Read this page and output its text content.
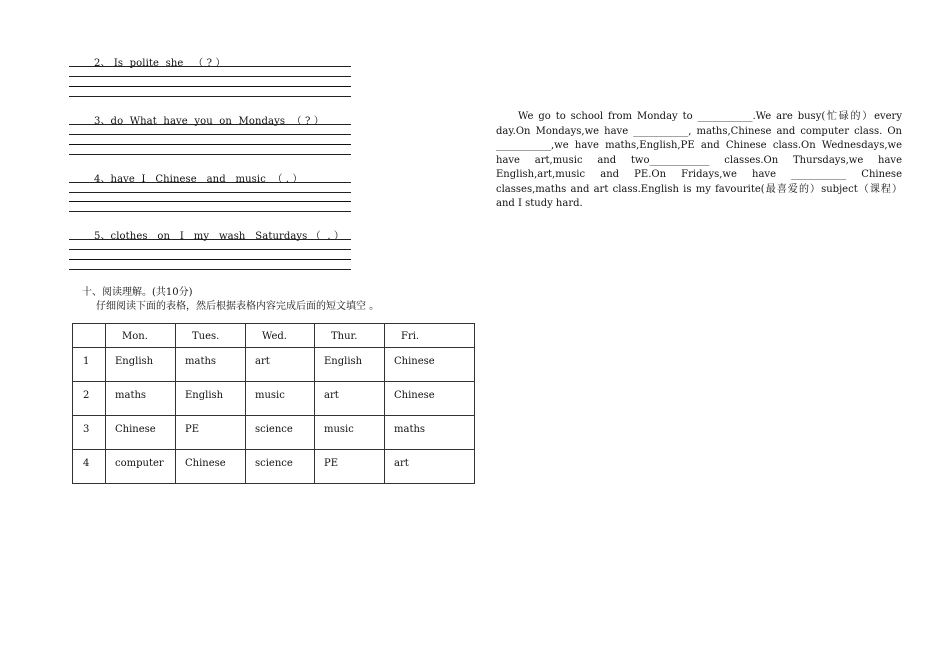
2、 Is  polite  she   （ ? ）
3、do  What  have  you  on  Mondays  （ ? ）
4、have  I   Chinese   and   music  （ . ）
5、clothes   on   I   my   wash   Saturdays （  . ）
十、阅读理解。(共10分)
仔细阅读下面的表格，然后根据表格内容完成后面的短文填空 。
	Mon.	Tues.	Wed.	Thur.	Fri.
1	English	maths	art	English	Chinese
2	maths	English	music	art	Chinese
3	Chinese	PE	science	music	maths
4	computer	Chinese	science	PE	art
We go to school from Monday to ___________.We are busy(忙碌的）every day.On Mondays,we have ___________, maths,Chinese and computer class. On ___________,we have maths,English,PE and Chinese class.On Wednesdays,we have art,music and two____________ classes.On Thursdays,we have English,art,music and PE.On Fridays,we have ___________ Chinese classes,maths and art class.English is my favourite(最喜爱的）subject（课程）and I study hard.
